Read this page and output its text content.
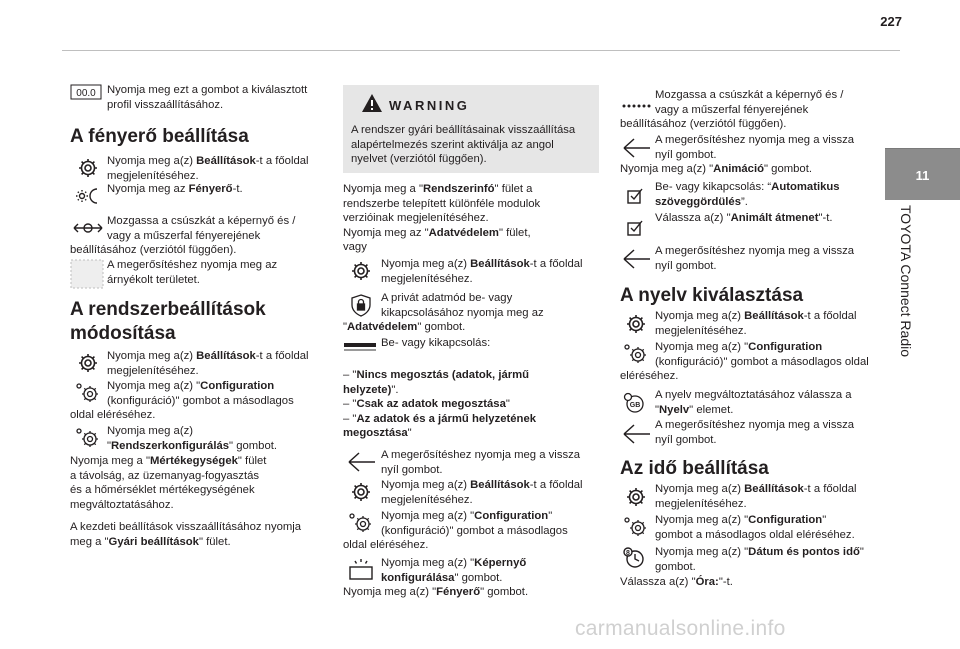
227
11
TOYOTA Connect Radio
00.0 Nyomja meg ezt a gombot a kiválasztott
profil visszaállításához.
A fényerő beállítása
Nyomja meg a(z) Beállítások-t a főoldal
megjelenítéséhez.
Nyomja meg az Fényerő-t.
Mozgassa a csúszkát a képernyő és /
vagy a műszerfal fényerejének
beállításához (verziótól függően).
A megerősítéshez nyomja meg az
árnyékolt területet.
A rendszerbeállítások
módosítása
Nyomja meg a(z) Beállítások-t a főoldal
megjelenítéséhez.
Nyomja meg a(z) "Configuration
(konfiguráció)" gombot a másodlagos
oldal eléréséhez.
Nyomja meg a(z)
"Rendszerkonfigurálás" gombot.
Nyomja meg a "Mértékegységek" fület
a távolság, az üzemanyag-fogyasztás
és a hőmérséklet mértékegységének
megváltoztatásához.
A kezdeti beállítások visszaállításához nyomja
meg a "Gyári beállítások" fület.
WARNING
A rendszer gyári beállításainak visszaállítása
alapértelmezés szerint aktiválja az angol
nyelvet (verziótól függően).
Nyomja meg a "Rendszerinfó" fület a
rendszerbe telepített különféle modulok
verzióinak megjelenítéséhez.
Nyomja meg az "Adatvédelem" fület,
vagy
Nyomja meg a(z) Beállítások-t a főoldal
megjelenítéséhez.
A privát adatmód be- vagy
kikapcsolásához nyomja meg az
"Adatvédelem" gombot.
Be- vagy kikapcsolás:
– "Nincs megosztás (adatok, jármű
helyzete)".
– "Csak az adatok megosztása"
– "Az adatok és a jármű helyzetének
megosztása"
A megerősítéshez nyomja meg a vissza
nyíl gombot.
Nyomja meg a(z) Beállítások-t a főoldal
megjelenítéséhez.
Nyomja meg a(z) "Configuration"
(konfiguráció)" gombot a másodlagos
oldal eléréséhez.
Nyomja meg a(z) "Képernyő
konfigurálása" gombot.
Nyomja meg a(z) "Fényerő" gombot.
Mozgassa a csúszkát a képernyő és /
vagy a műszerfal fényerejének
beállításához (verziótól függően).
A megerősítéshez nyomja meg a vissza
nyíl gombot.
Nyomja meg a(z) "Animáció" gombot.
Be- vagy kikapcsolás: “Automatikus
szöveggördülés”.
Válassza a(z) "Animált átmenet"-t.
A megerősítéshez nyomja meg a vissza
nyíl gombot.
A nyelv kiválasztása
Nyomja meg a(z) Beállítások-t a főoldal
megjelenítéséhez.
Nyomja meg a(z) "Configuration
(konfiguráció)" gombot a másodlagos oldal
eléréséhez.
GB
A nyelv megváltoztatásához válassza a
"Nyelv" elemet.
A megerősítéshez nyomja meg a vissza
nyíl gombot.
Az idő beállítása
Nyomja meg a(z) Beállítások-t a főoldal
megjelenítéséhez.
Nyomja meg a(z) "Configuration"
gombot a másodlagos oldal eléréséhez.
8 Nyomja meg a(z) "Dátum és pontos idő"
gombot.
Válassza a(z) "Óra:"-t.
carmanualsonline.info
